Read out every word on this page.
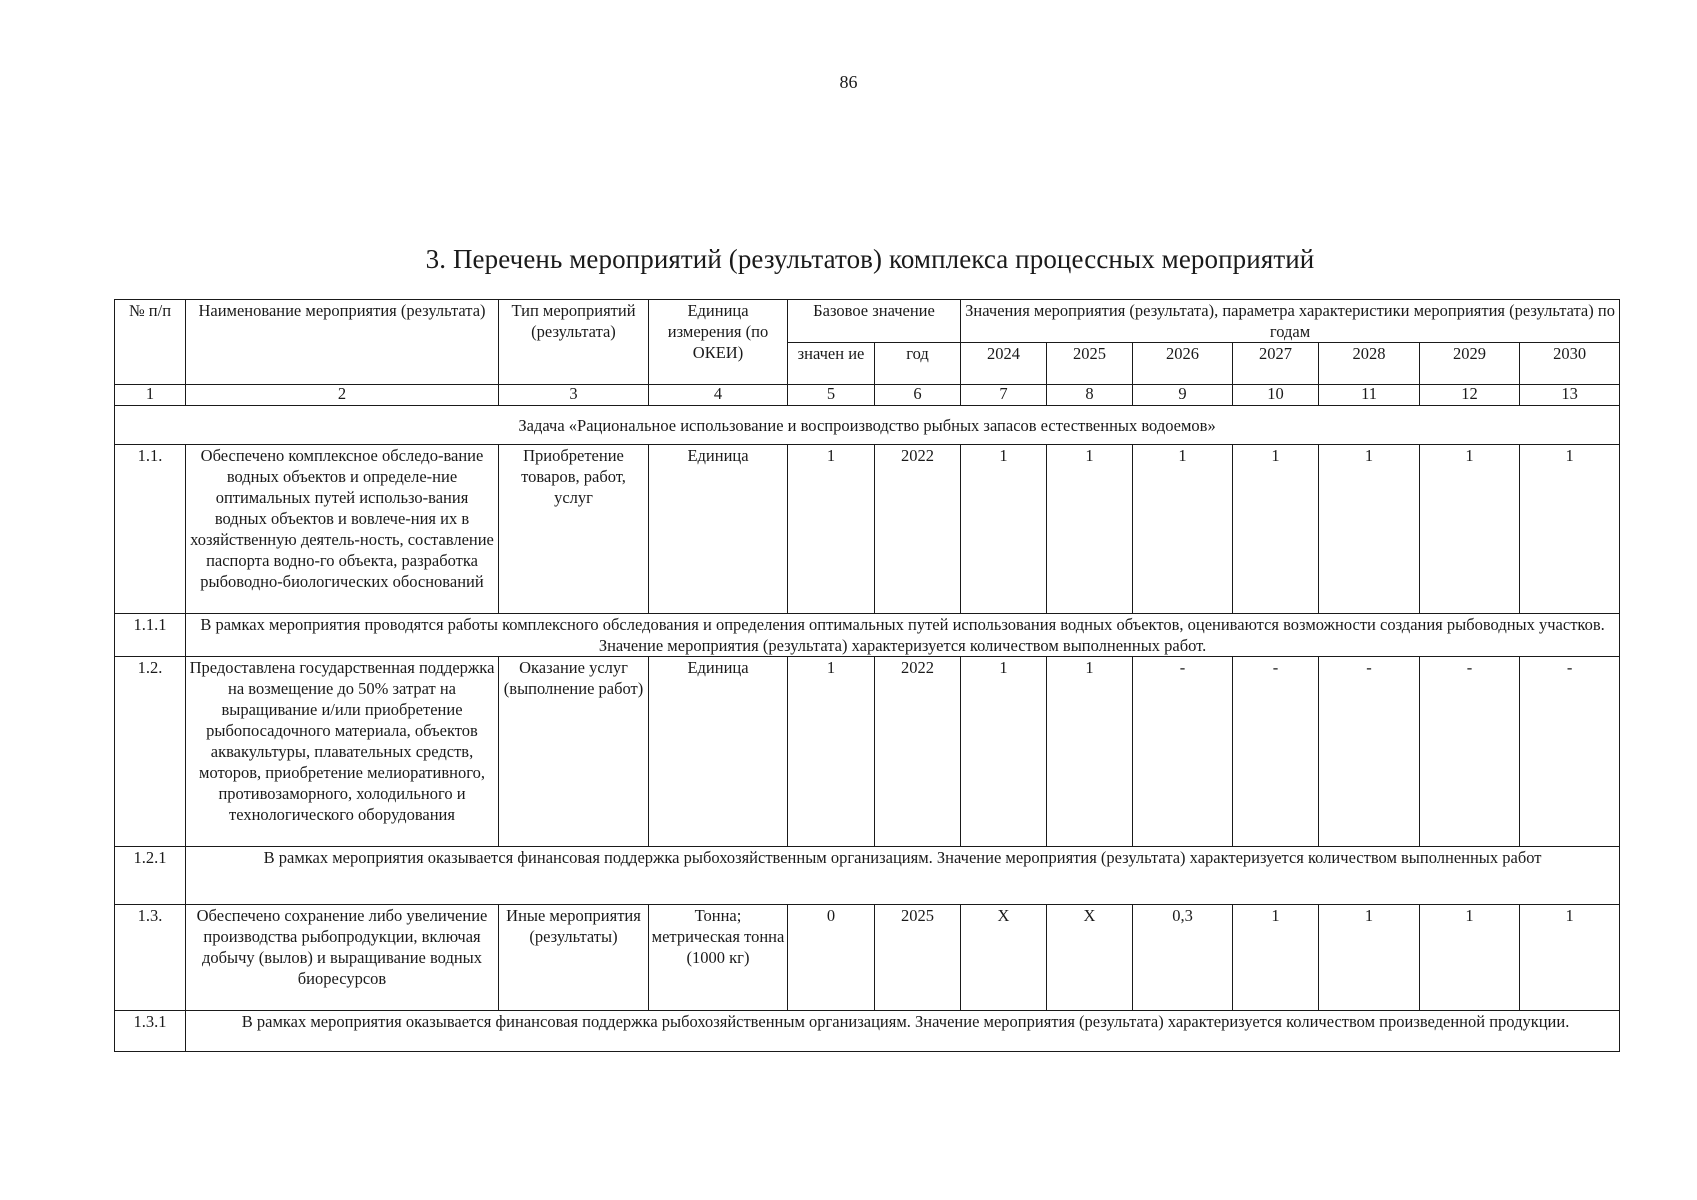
86
3. Перечень мероприятий (результатов) комплекса процессных мероприятий
№ п/п	Наименование мероприятия (результата)	Тип мероприятий (результата)	Единица измерения (по ОКЕИ)	Базовое значение		Значения мероприятия (результата), параметра характеристики мероприятия (результата) по годам						
				значен ие	год	2024	2025	2026	2027	2028	2029	2030
1	2	3	4	5	6	7	8	9	10	11	12	13
Задача «Рациональное использование и воспроизводство рыбных запасов естественных водоемов»												
1.1.	Обеспечено комплексное обследо-вание водных объектов и определе-ние оптимальных путей использо-вания водных объектов и вовлече-ния их в хозяйственную деятель-ность, составление паспорта водно-го объекта, разработка рыбоводно-биологических обоснований	Приобретение товаров, работ, услуг	Единица	1	2022	1	1	1	1	1	1	1
1.1.1	В рамках мероприятия проводятся работы комплексного обследования и определения оптимальных путей использования водных объектов, оцениваются возможности создания рыбоводных участков. Значение мероприятия (результата) характеризуется количеством выполненных работ.											
1.2.	Предоставлена государственная поддержка на возмещение до 50% затрат на выращивание и/или приобретение рыбопосадочного материала, объектов аквакультуры, плавательных средств, моторов, приобретение мелиоративного, противозаморного, холодильного и технологического оборудования	Оказание услуг (выполнение работ)	Единица	1	2022	1	1	-	-	-	-	-
1.2.1	В рамках мероприятия оказывается финансовая поддержка рыбохозяйственным организациям. Значение мероприятия (результата) характеризуется количеством выполненных работ											
1.3.	Обеспечено сохранение либо увеличение производства рыбопродукции, включая добычу (вылов) и выращивание водных биоресурсов	Иные мероприятия (результаты)	Тонна; метрическая тонна (1000 кг)	0	2025	X	X	0,3	1	1	1	1
1.3.1	В рамках мероприятия оказывается финансовая поддержка рыбохозяйственным организациям. Значение мероприятия (результата) характеризуется количеством произведенной продукции.											
